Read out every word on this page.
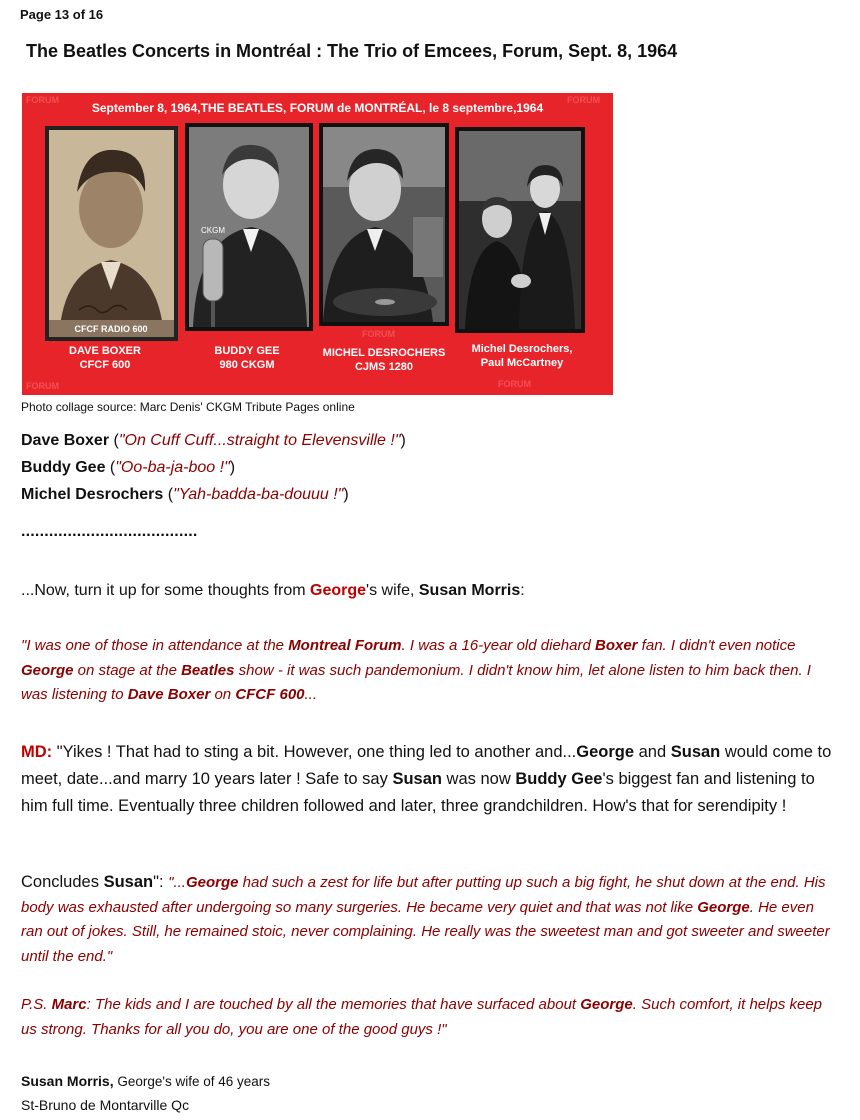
Page 13 of 16
The Beatles Concerts in Montréal : The Trio of Emcees, Forum, Sept. 8, 1964
FORUM	FORUM
FORUM	FORUM
FORUM
September 8, 1964,THE BEATLES, FORUM de MONTRÉAL, le 8 septembre,1964
CFCF RADIO 600
CKGM
DAVE BOXER
CFCF 600
BUDDY GEE
980 CKGM
MICHEL DESROCHERS
CJMS 1280
Michel Desrochers,
Paul McCartney
Photo collage source: Marc Denis' CKGM Tribute Pages online
Dave Boxer ("On Cuff Cuff...straight to Elevensville !")
Buddy Gee ("Oo-ba-ja-boo !")
Michel Desrochers ("Yah-badda-ba-douuu !")
......................................
...Now, turn it up for some thoughts from George's wife, Susan Morris:
"I was one of those in attendance at the Montreal Forum. I was a 16-year old diehard Boxer fan. I didn't even notice George on stage at the Beatles show - it was such pandemonium. I didn't know him, let alone listen to him back then. I was listening to Dave Boxer on CFCF 600...
MD: "Yikes ! That had to sting a bit. However, one thing led to another and...George and Susan would come to meet, date...and marry 10 years later ! Safe to say Susan was now Buddy Gee's biggest fan and listening to him full time. Eventually three children followed and later, three grandchildren. How's that for serendipity !
Concludes Susan": "...George had such a zest for life but after putting up such a big fight, he shut down at the end. His body was exhausted after undergoing so many surgeries. He became very quiet and that was not like George. He even ran out of jokes. Still, he remained stoic, never complaining. He really was the sweetest man and got sweeter and sweeter until the end."
P.S. Marc: The kids and I are touched by all the memories that have surfaced about George. Such comfort, it helps keep us strong. Thanks for all you do, you are one of the good guys !"
Susan Morris, George's wife of 46 years
St-Bruno de Montarville Qc
